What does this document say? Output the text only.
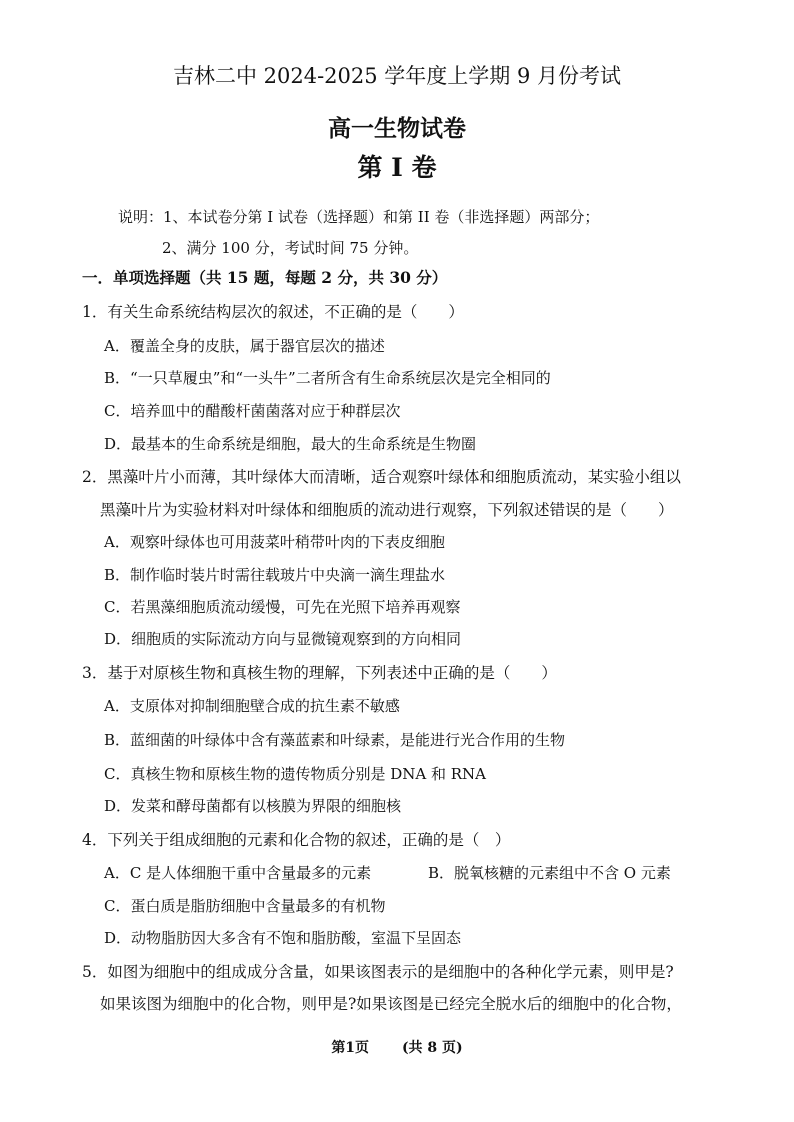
吉林二中 2024-2025 学年度上学期 9 月份考试
高一生物试卷
第 I 卷
说明：1、本试卷分第 I 试卷（选择题）和第 II 卷（非选择题）两部分；
2、满分 100 分，考试时间 75 分钟。
一．单项选择题（共 15 题，每题 2 分，共 30 分）
1．有关生命系统结构层次的叙述，不正确的是（　　）
A．覆盖全身的皮肤，属于器官层次的描述
B．“一只草履虫”和“一头牛”二者所含有生命系统层次是完全相同的
C．培养皿中的醋酸杆菌菌落对应于种群层次
D．最基本的生命系统是细胞，最大的生命系统是生物圈
2．黑藻叶片小而薄，其叶绿体大而清晰，适合观察叶绿体和细胞质流动，某实验小组以
黑藻叶片为实验材料对叶绿体和细胞质的流动进行观察，下列叙述错误的是（　　）
A．观察叶绿体也可用菠菜叶稍带叶肉的下表皮细胞
B．制作临时装片时需往载玻片中央滴一滴生理盐水
C．若黑藻细胞质流动缓慢，可先在光照下培养再观察
D．细胞质的实际流动方向与显微镜观察到的方向相同
3．基于对原核生物和真核生物的理解，下列表述中正确的是（　　）
A．支原体对抑制细胞壁合成的抗生素不敏感
B．蓝细菌的叶绿体中含有藻蓝素和叶绿素，是能进行光合作用的生物
C．真核生物和原核生物的遗传物质分别是 DNA 和 RNA
D．发菜和酵母菌都有以核膜为界限的细胞核
4．下列关于组成细胞的元素和化合物的叙述，正确的是（　）
A．C 是人体细胞干重中含量最多的元素	B．脱氧核糖的元素组中不含 O 元素
C．蛋白质是脂肪细胞中含量最多的有机物
D．动物脂肪因大多含有不饱和脂肪酸，室温下呈固态
5．如图为细胞中的组成成分含量，如果该图表示的是细胞中的各种化学元素，则甲是?
如果该图为细胞中的化合物，则甲是?如果该图是已经完全脱水后的细胞中的化合物，
第1页 (共 8 页)
